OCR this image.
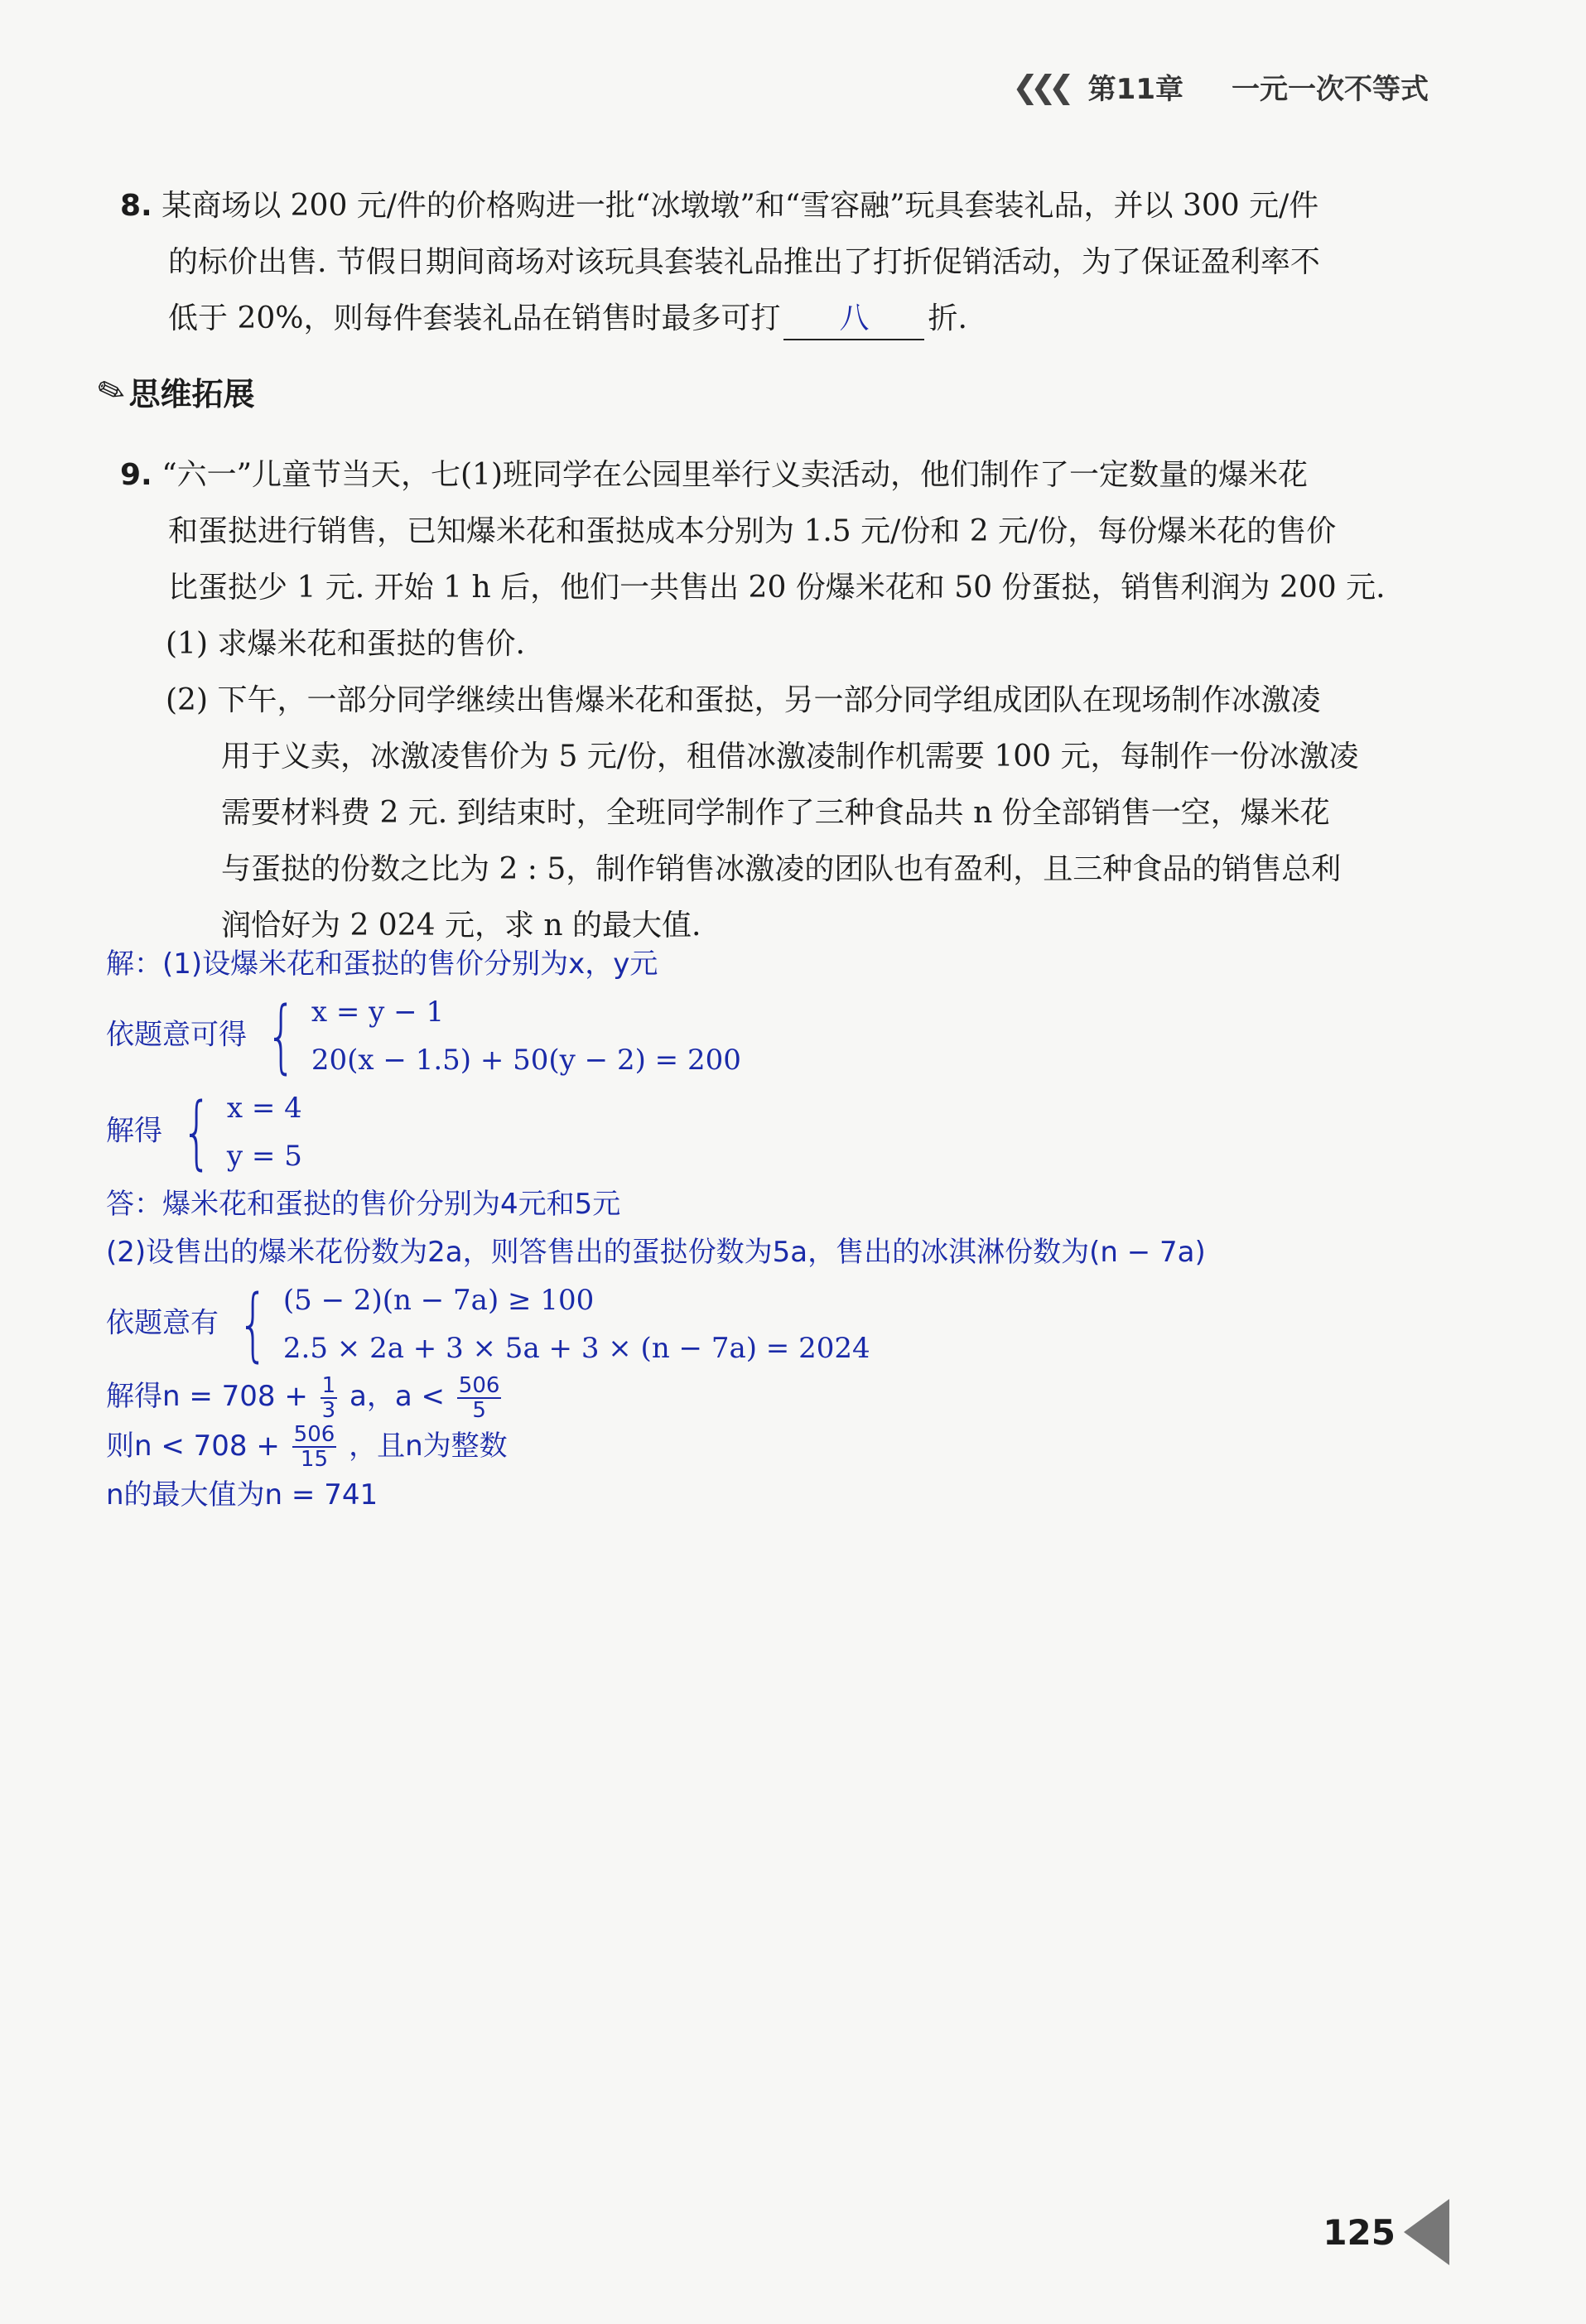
❮❮❮ 第11章 一元一次不等式
8. 某商场以 200 元/件的价格购进一批“冰墩墩”和“雪容融”玩具套装礼品，并以 300 元/件
的标价出售. 节假日期间商场对该玩具套装礼品推出了打折促销活动，为了保证盈利率不
低于 20%，则每件套装礼品在销售时最多可打 八 折.
✎
思维拓展
9. “六一”儿童节当天，七(1)班同学在公园里举行义卖活动，他们制作了一定数量的爆米花
和蛋挞进行销售，已知爆米花和蛋挞成本分别为 1.5 元/份和 2 元/份，每份爆米花的售价
比蛋挞少 1 元. 开始 1 h 后，他们一共售出 20 份爆米花和 50 份蛋挞，销售利润为 200 元.
(1) 求爆米花和蛋挞的售价.
(2) 下午，一部分同学继续出售爆米花和蛋挞，另一部分同学组成团队在现场制作冰激凌
用于义卖，冰激凌售价为 5 元/份，租借冰激凌制作机需要 100 元，每制作一份冰激凌
需要材料费 2 元. 到结束时，全班同学制作了三种食品共 n 份全部销售一空，爆米花
与蛋挞的份数之比为 2 : 5，制作销售冰激凌的团队也有盈利，且三种食品的销售总利
润恰好为 2 024 元，求 n 的最大值.
解：(1)设爆米花和蛋挞的售价分别为x，y元
依题意可得 { x = y − 1
20(x − 1.5) + 50(y − 2) = 200
解得 { x = 4
y = 5
答：爆米花和蛋挞的售价分别为4元和5元
(2)设售出的爆米花份数为2a，则答售出的蛋挞份数为5a，售出的冰淇淋份数为(n − 7a)
依题意有 { (5 − 2)(n − 7a) ≥ 100
2.5 × 2a + 3 × 5a + 3 × (n − 7a) = 2024
解得$n = 708 + \frac{1}{3}$ a，$a < \frac{506}{5}$
则$n < 708 + \frac{506}{15}$ ，且n为整数
n的最大值为n = 741
125
